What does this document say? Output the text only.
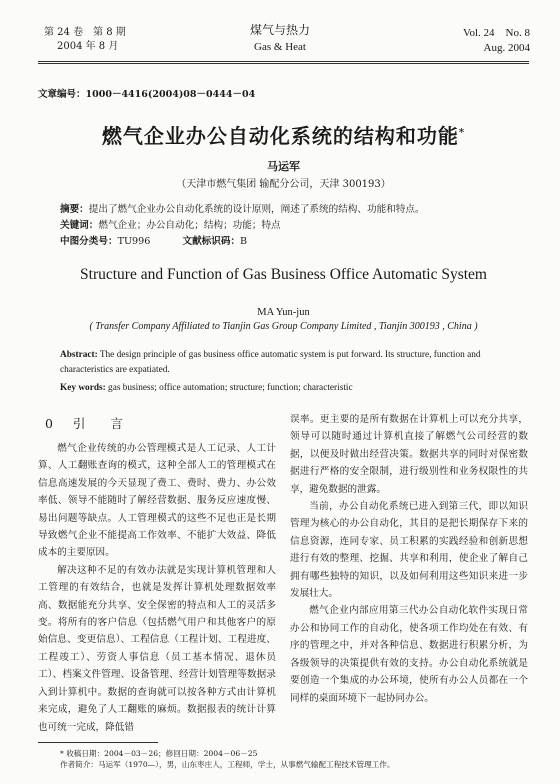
第 24 卷　第 8 期
2004 年 8 月
煤气与热力
Gas & Heat
Vol. 24　No. 8
Aug. 2004
文章编号：1000－4416(2004)08－0444－04
燃气企业办公自动化系统的结构和功能*
马运军
（天津市燃气集团 输配分公司，天津 300193）
摘要：提出了燃气企业办公自动化系统的设计原则，阐述了系统的结构、功能和特点。
关键词：燃气企业；办公自动化；结构；功能；特点
中图分类号：TU996	文献标识码：B
Structure and Function of Gas Business Office Automatic System
MA Yun-jun
( Transfer Company Affiliated to Tianjin Gas Group Company Limited , Tianjin 300193 , China )
Abstract: The design principle of gas business office automatic system is put forward. Its structure, function and characteristics are expatiated.
Key words: gas business; office automation; structure; function; characteristic
0 引　　言

燃气企业传统的办公管理模式是人工记录、人工计算、人工翻账查询的模式，这种全部人工的管理模式在信息高速发展的今天显现了费工、费时、费力、办公效率低、领导不能随时了解经营数据、服务反应速度慢、易出问题等缺点。人工管理模式的这些不足也正是长期导致燃气企业不能提高工作效率、不能扩大效益、降低成本的主要原因。

解决这种不足的有效办法就是实现计算机管理和人工管理的有效结合，也就是发挥计算机处理数据效率高、数据能充分共享、安全保密的特点和人工的灵活多变。将所有的客户信息（包括燃气用户和其他客户的原始信息、变更信息）、工程信息（工程计划、工程进度、工程竣工）、劳资人事信息（员工基本情况、退休员工）、档案文件管理、设备管理、经营计划管理等数据录入到计算机中。数据的查询就可以按各种方式由计算机来完成，避免了人工翻账的麻烦。数据报表的统计计算也可统一完成，降低错

误率。更主要的是所有数据在计算机上可以充分共享，领导可以随时通过计算机直接了解燃气公司经营的数据，以便及时做出经营决策。数据共享的同时对保密数据进行严格的安全限制，进行级别性和业务权限性的共享，避免数据的泄露。

当前，办公自动化系统已进入到第三代，即以知识管理为核心的办公自动化，其目的是把长期保存下来的信息资源，连同专家、员工积累的实践经验和创新思想进行有效的整理、挖掘、共享和利用，使企业了解自己拥有哪些独特的知识，以及如何利用这些知识来进一步发展壮大。

燃气企业内部应用第三代办公自动化软件实现日常办公和协同工作的自动化，使各项工作均处在有效、有序的管理之中，并对各种信息、数据进行积累分析，为各级领导的决策提供有效的支持。办公自动化系统就是要创造一个集成的办公环境，使所有办公人员都在一个同样的桌面环境下一起协同办公。

* 收稿日期：2004－03－26；修回日期：2004－06－25
作者简介：马运军（1970—），男，山东枣庄人，工程师，学士，从事燃气输配工程技术管理工作。
